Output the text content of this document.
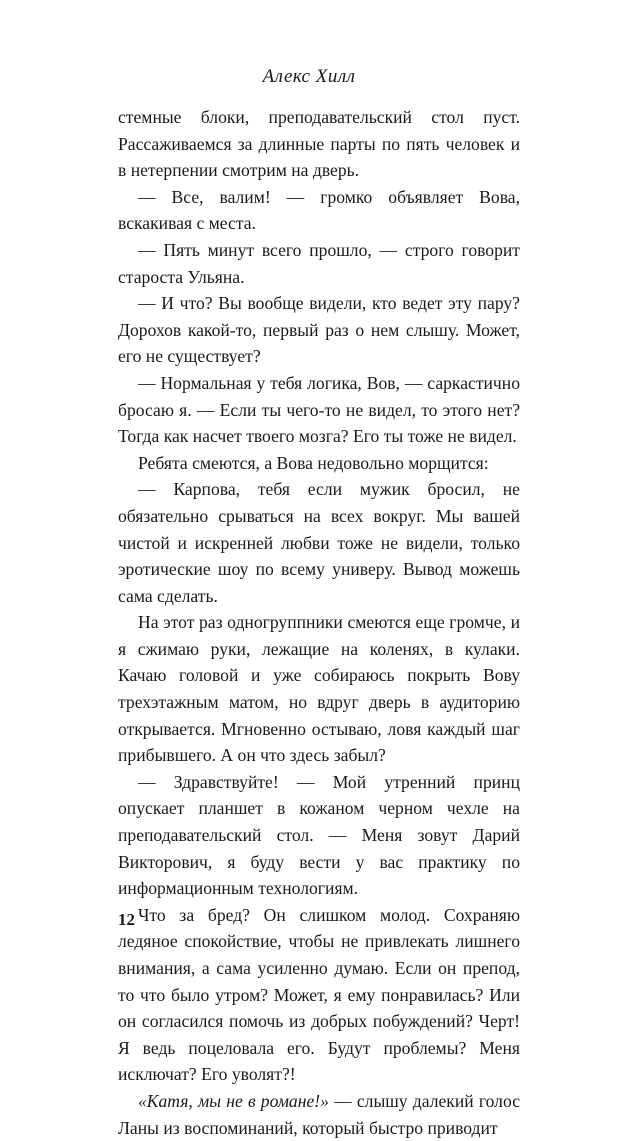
Алекс Хилл

стемные блоки, преподавательский стол пуст. Рассаживаемся за длинные парты по пять человек и в нетерпении смотрим на дверь.

— Все, валим! — громко объявляет Вова, вскакивая с места.

— Пять минут всего прошло, — строго говорит староста Ульяна.

— И что? Вы вообще видели, кто ведет эту пару? Дорохов какой-то, первый раз о нем слышу. Может, его не существует?

— Нормальная у тебя логика, Вов, — саркастично бросаю я. — Если ты чего-то не видел, то этого нет? Тогда как насчет твоего мозга? Его ты тоже не видел.

Ребята смеются, а Вова недовольно морщится:

— Карпова, тебя если мужик бросил, не обязательно срываться на всех вокруг. Мы вашей чистой и искренней любви тоже не видели, только эротические шоу по всему универу. Вывод можешь сама сделать.

На этот раз одногруппники смеются еще громче, и я сжимаю руки, лежащие на коленях, в кулаки. Качаю головой и уже собираюсь покрыть Вову трехэтажным матом, но вдруг дверь в аудиторию открывается. Мгновенно остываю, ловя каждый шаг прибывшего. А он что здесь забыл?

— Здравствуйте! — Мой утренний принц опускает планшет в кожаном черном чехле на преподавательский стол. — Меня зовут Дарий Викторович, я буду вести у вас практику по информационным технологиям.

Что за бред? Он слишком молод. Сохраняю ледяное спокойствие, чтобы не привлекать лишнего внимания, а сама усиленно думаю. Если он препод, то что было утром? Может, я ему понравилась? Или он согласился помочь из добрых побуждений? Черт! Я ведь поцеловала его. Будут проблемы? Меня исключат? Его уволят?!

«Катя, мы не в романе!» — слышу далекий голос Ланы из воспоминаний, который быстро приводит

12
